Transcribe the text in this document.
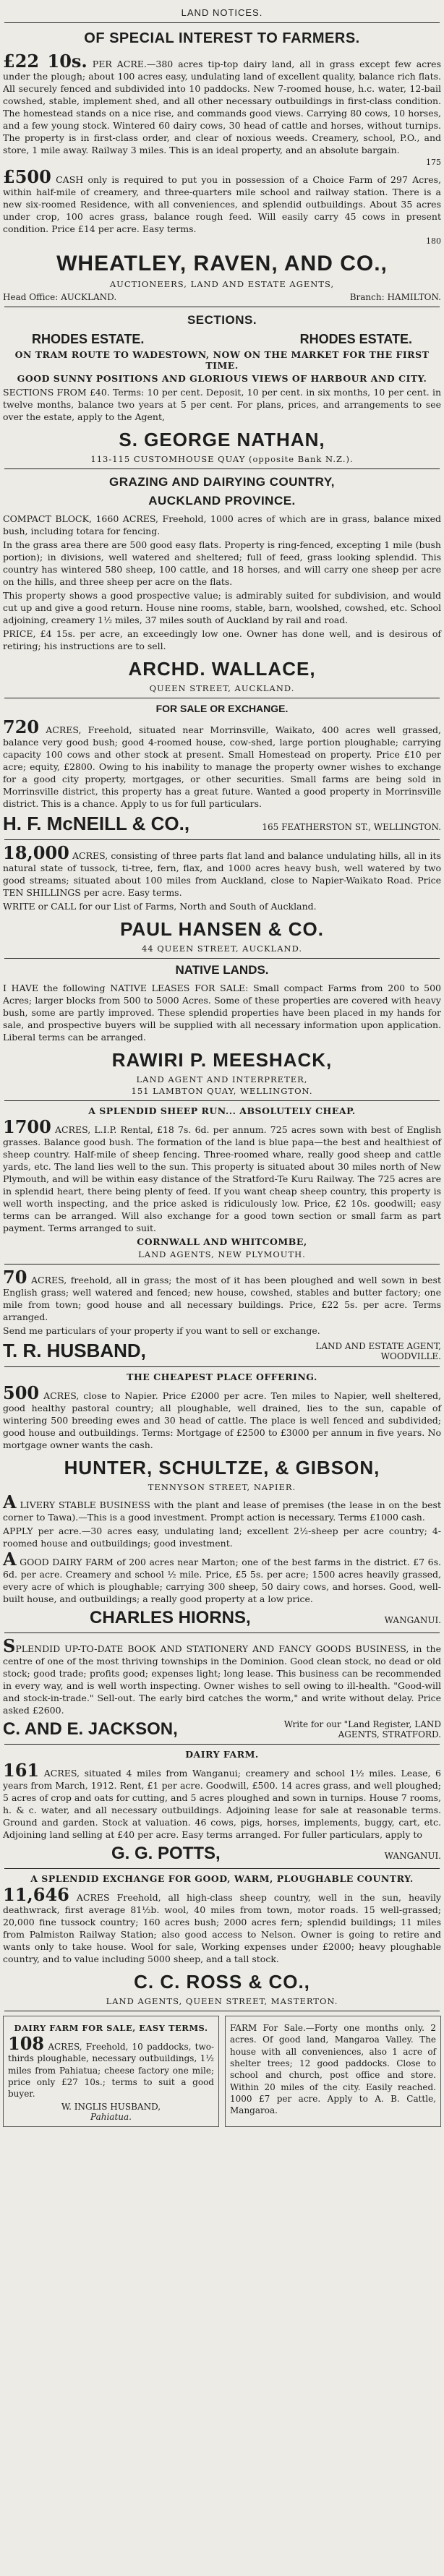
LAND NOTICES.
OF SPECIAL INTEREST TO FARMERS.

£22 10s. PER ACRE.—380 acres tip-top dairy land, all in grass except few acres under the plough; about 100 acres easy, undulating land of excellent quality, balance rich flats. All securely fenced and subdivided into 10 paddocks. New 7-roomed house, h.c. water, 12-bail cowshed, stable, implement shed, and all other necessary outbuildings in first-class condition. The homestead stands on a nice rise, and commands good views. Carrying 80 cows, 10 horses, and a few young stock. Wintered 60 dairy cows, 30 head of cattle and horses, without turnips. The property is in first-class order, and clear of noxious weeds. Creamery, school, P.O., and store, 1 mile away. Railway 3 miles. This is an ideal property, and an absolute bargain.

175

£500 CASH only is required to put you in possession of a Choice Farm of 297 Acres, within half-mile of creamery, and three-quarters mile school and railway station. There is a new six-roomed Residence, with all conveniences, and splendid outbuildings. About 35 acres under crop, 100 acres grass, balance rough feed. Will easily carry 45 cows in present condition. Price £14 per acre. Easy terms.

180
WHEATLEY, RAVEN, AND CO.,
AUCTIONEERS, LAND AND ESTATE AGENTS,
Head Office: AUCKLAND.	Branch: HAMILTON.
SECTIONS.
RHODES ESTATE.	RHODES ESTATE.
ON TRAM ROUTE TO WADESTOWN, NOW ON THE MARKET FOR THE FIRST TIME.
GOOD SUNNY POSITIONS AND GLORIOUS VIEWS OF HARBOUR AND CITY.

SECTIONS FROM £40. Terms: 10 per cent. Deposit, 10 per cent. in six months, 10 per cent. in twelve months, balance two years at 5 per cent. For plans, prices, and arrangements to see over the estate, apply to the Agent,

S. GEORGE NATHAN,
113-115 CUSTOMHOUSE QUAY (opposite Bank N.Z.).
GRAZING AND DAIRYING COUNTRY,
AUCKLAND PROVINCE.

COMPACT BLOCK, 1660 ACRES, Freehold, 1000 acres of which are in grass, balance mixed bush, including totara for fencing.

In the grass area there are 500 good easy flats. Property is ring-fenced, excepting 1 mile (bush portion); in divisions, well watered and sheltered; full of feed, grass looking splendid. This country has wintered 580 sheep, 100 cattle, and 18 horses, and will carry one sheep per acre on the hills, and three sheep per acre on the flats.

This property shows a good prospective value; is admirably suited for subdivision, and would cut up and give a good return. House nine rooms, stable, barn, woolshed, cowshed, etc. School adjoining, creamery 1½ miles, 37 miles south of Auckland by rail and road.

PRICE, £4 15s. per acre, an exceedingly low one. Owner has done well, and is desirous of retiring; his instructions are to sell.

ARCHD. WALLACE,
QUEEN STREET, AUCKLAND.
FOR SALE OR EXCHANGE.

720 ACRES, Freehold, situated near Morrinsville, Waikato, 400 acres well grassed, balance very good bush; good 4-roomed house, cow-shed, large portion ploughable; carrying capacity 100 cows and other stock at present. Small Homestead on property. Price £10 per acre; equity, £2800. Owing to his inability to manage the property owner wishes to exchange for a good city property, mortgages, or other securities. Small farms are being sold in Morrinsville district, this property has a great future. Wanted a good property in Morrinsville district. This is a chance. Apply to us for full particulars.

H. F. McNEILL & CO.,	165 FEATHERSTON ST., WELLINGTON.

18,000 ACRES, consisting of three parts flat land and balance undulating hills, all in its natural state of tussock, ti-tree, fern, flax, and 1000 acres heavy bush, well watered by two good streams; situated about 100 miles from Auckland, close to Napier-Waikato Road. Price TEN SHILLINGS per acre. Easy terms.

WRITE or CALL for our List of Farms, North and South of Auckland.

PAUL HANSEN & CO.
44 QUEEN STREET, AUCKLAND.
NATIVE LANDS.

I HAVE the following NATIVE LEASES FOR SALE: Small compact Farms from 200 to 500 Acres; larger blocks from 500 to 5000 Acres. Some of these properties are covered with heavy bush, some are partly improved. These splendid properties have been placed in my hands for sale, and prospective buyers will be supplied with all necessary information upon application. Liberal terms can be arranged.

RAWIRI P. MEESHACK,
LAND AGENT AND INTERPRETER,
151 LAMBTON QUAY, WELLINGTON.
A SPLENDID SHEEP RUN... ABSOLUTELY CHEAP.

1700 ACRES, L.I.P. Rental, £18 7s. 6d. per annum. 725 acres sown with best of English grasses. Balance good bush. The formation of the land is blue papa—the best and healthiest of sheep country. Half-mile of sheep fencing. Three-roomed whare, really good sheep and cattle yards, etc. The land lies well to the sun. This property is situated about 30 miles north of New Plymouth, and will be within easy distance of the Stratford-Te Kuru Railway. The 725 acres are in splendid heart, there being plenty of feed. If you want cheap sheep country, this property is well worth inspecting, and the price asked is ridiculously low. Price, £2 10s. goodwill; easy terms can be arranged. Will also exchange for a good town section or small farm as part payment. Terms arranged to suit.

CORNWALL AND WHITCOMBE,
LAND AGENTS, NEW PLYMOUTH.

70 ACRES, freehold, all in grass; the most of it has been ploughed and well sown in best English grass; well watered and fenced; new house, cowshed, stables and butter factory; one mile from town; good house and all necessary buildings. Price, £22 5s. per acre. Terms arranged.

Send me particulars of your property if you want to sell or exchange.

T. R. HUSBAND,	LAND AND ESTATE AGENT, WOODVILLE.
THE CHEAPEST PLACE OFFERING.

500 ACRES, close to Napier. Price £2000 per acre. Ten miles to Napier, well sheltered, good healthy pastoral country; all ploughable, well drained, lies to the sun, capable of wintering 500 breeding ewes and 30 head of cattle. The place is well fenced and subdivided; good house and outbuildings. Terms: Mortgage of £2500 to £3000 per annum in five years. No mortgage owner wants the cash.

HUNTER, SCHULTZE, & GIBSON,
TENNYSON STREET, NAPIER.

A LIVERY STABLE BUSINESS with the plant and lease of premises (the lease in on the best corner to Tawa).—This is a good investment. Prompt action is necessary. Terms £1000 cash.

APPLY per acre.—30 acres easy, undulating land; excellent 2½-sheep per acre country; 4-roomed house and outbuildings; good investment.

A GOOD DAIRY FARM of 200 acres near Marton; one of the best farms in the district. £7 6s. 6d. per acre. Creamery and school ½ mile. Price, £5 5s. per acre; 1500 acres heavily grassed, every acre of which is ploughable; carrying 300 sheep, 50 dairy cows, and horses. Good, well-built house, and outbuildings; a really good property at a low price.

CHARLES HIORNS,	WANGANUI.

SPLENDID UP-TO-DATE BOOK AND STATIONERY AND FANCY GOODS BUSINESS, in the centre of one of the most thriving townships in the Dominion. Good clean stock, no dead or old stock; good trade; profits good; expenses light; long lease. This business can be recommended in every way, and is well worth inspecting. Owner wishes to sell owing to ill-health. "Good-will and stock-in-trade." Sell-out. The early bird catches the worm," and write without delay. Price asked £2600.

C. AND E. JACKSON,	Write for our "Land Register, LAND AGENTS, STRATFORD.
DAIRY FARM.

161 ACRES, situated 4 miles from Wanganui; creamery and school 1½ miles. Lease, 6 years from March, 1912. Rent, £1 per acre. Goodwill, £500. 14 acres grass, and well ploughed; 5 acres of crop and oats for cutting, and 5 acres ploughed and sown in turnips. House 7 rooms, h. & c. water, and all necessary outbuildings. Adjoining lease for sale at reasonable terms. Ground and garden. Stock at valuation. 46 cows, pigs, horses, implements, buggy, cart, etc. Adjoining land selling at £40 per acre. Easy terms arranged. For fuller particulars, apply to

G. G. POTTS,	WANGANUI.
A SPLENDID EXCHANGE FOR GOOD, WARM, PLOUGHABLE COUNTRY.

11,646 ACRES Freehold, all high-class sheep country, well in the sun, heavily deathwrack, first average 81½b. wool, 40 miles from town, motor roads. 15 well-grassed; 20,000 fine tussock country; 160 acres bush; 2000 acres fern; splendid buildings; 11 miles from Palmiston Railway Station; also good access to Nelson. Owner is going to retire and wants only to take house. Wool for sale, Working expenses under £2000; heavy ploughable country, and to value including 5000 sheep, and a tall stock.

C. C. ROSS & CO.,
LAND AGENTS, QUEEN STREET, MASTERTON.
DAIRY FARM FOR SALE, EASY TERMS.

108 ACRES, Freehold, 10 paddocks, two-thirds ploughable, necessary outbuildings, 1½ miles from Pahiatua; cheese factory one mile; price only £27 10s.; terms to suit a good buyer.

W. INGLIS HUSBAND,
Pahiatua.

FARM For Sale.—Forty one months only. 2 acres. Of good land, Mangaroa Valley. The house with all conveniences, also 1 acre of shelter trees; 12 good paddocks. Close to school and church, post office and store. Within 20 miles of the city. Easily reached. 1000 £7 per acre. Apply to A. B. Cattle, Mangaroa.
